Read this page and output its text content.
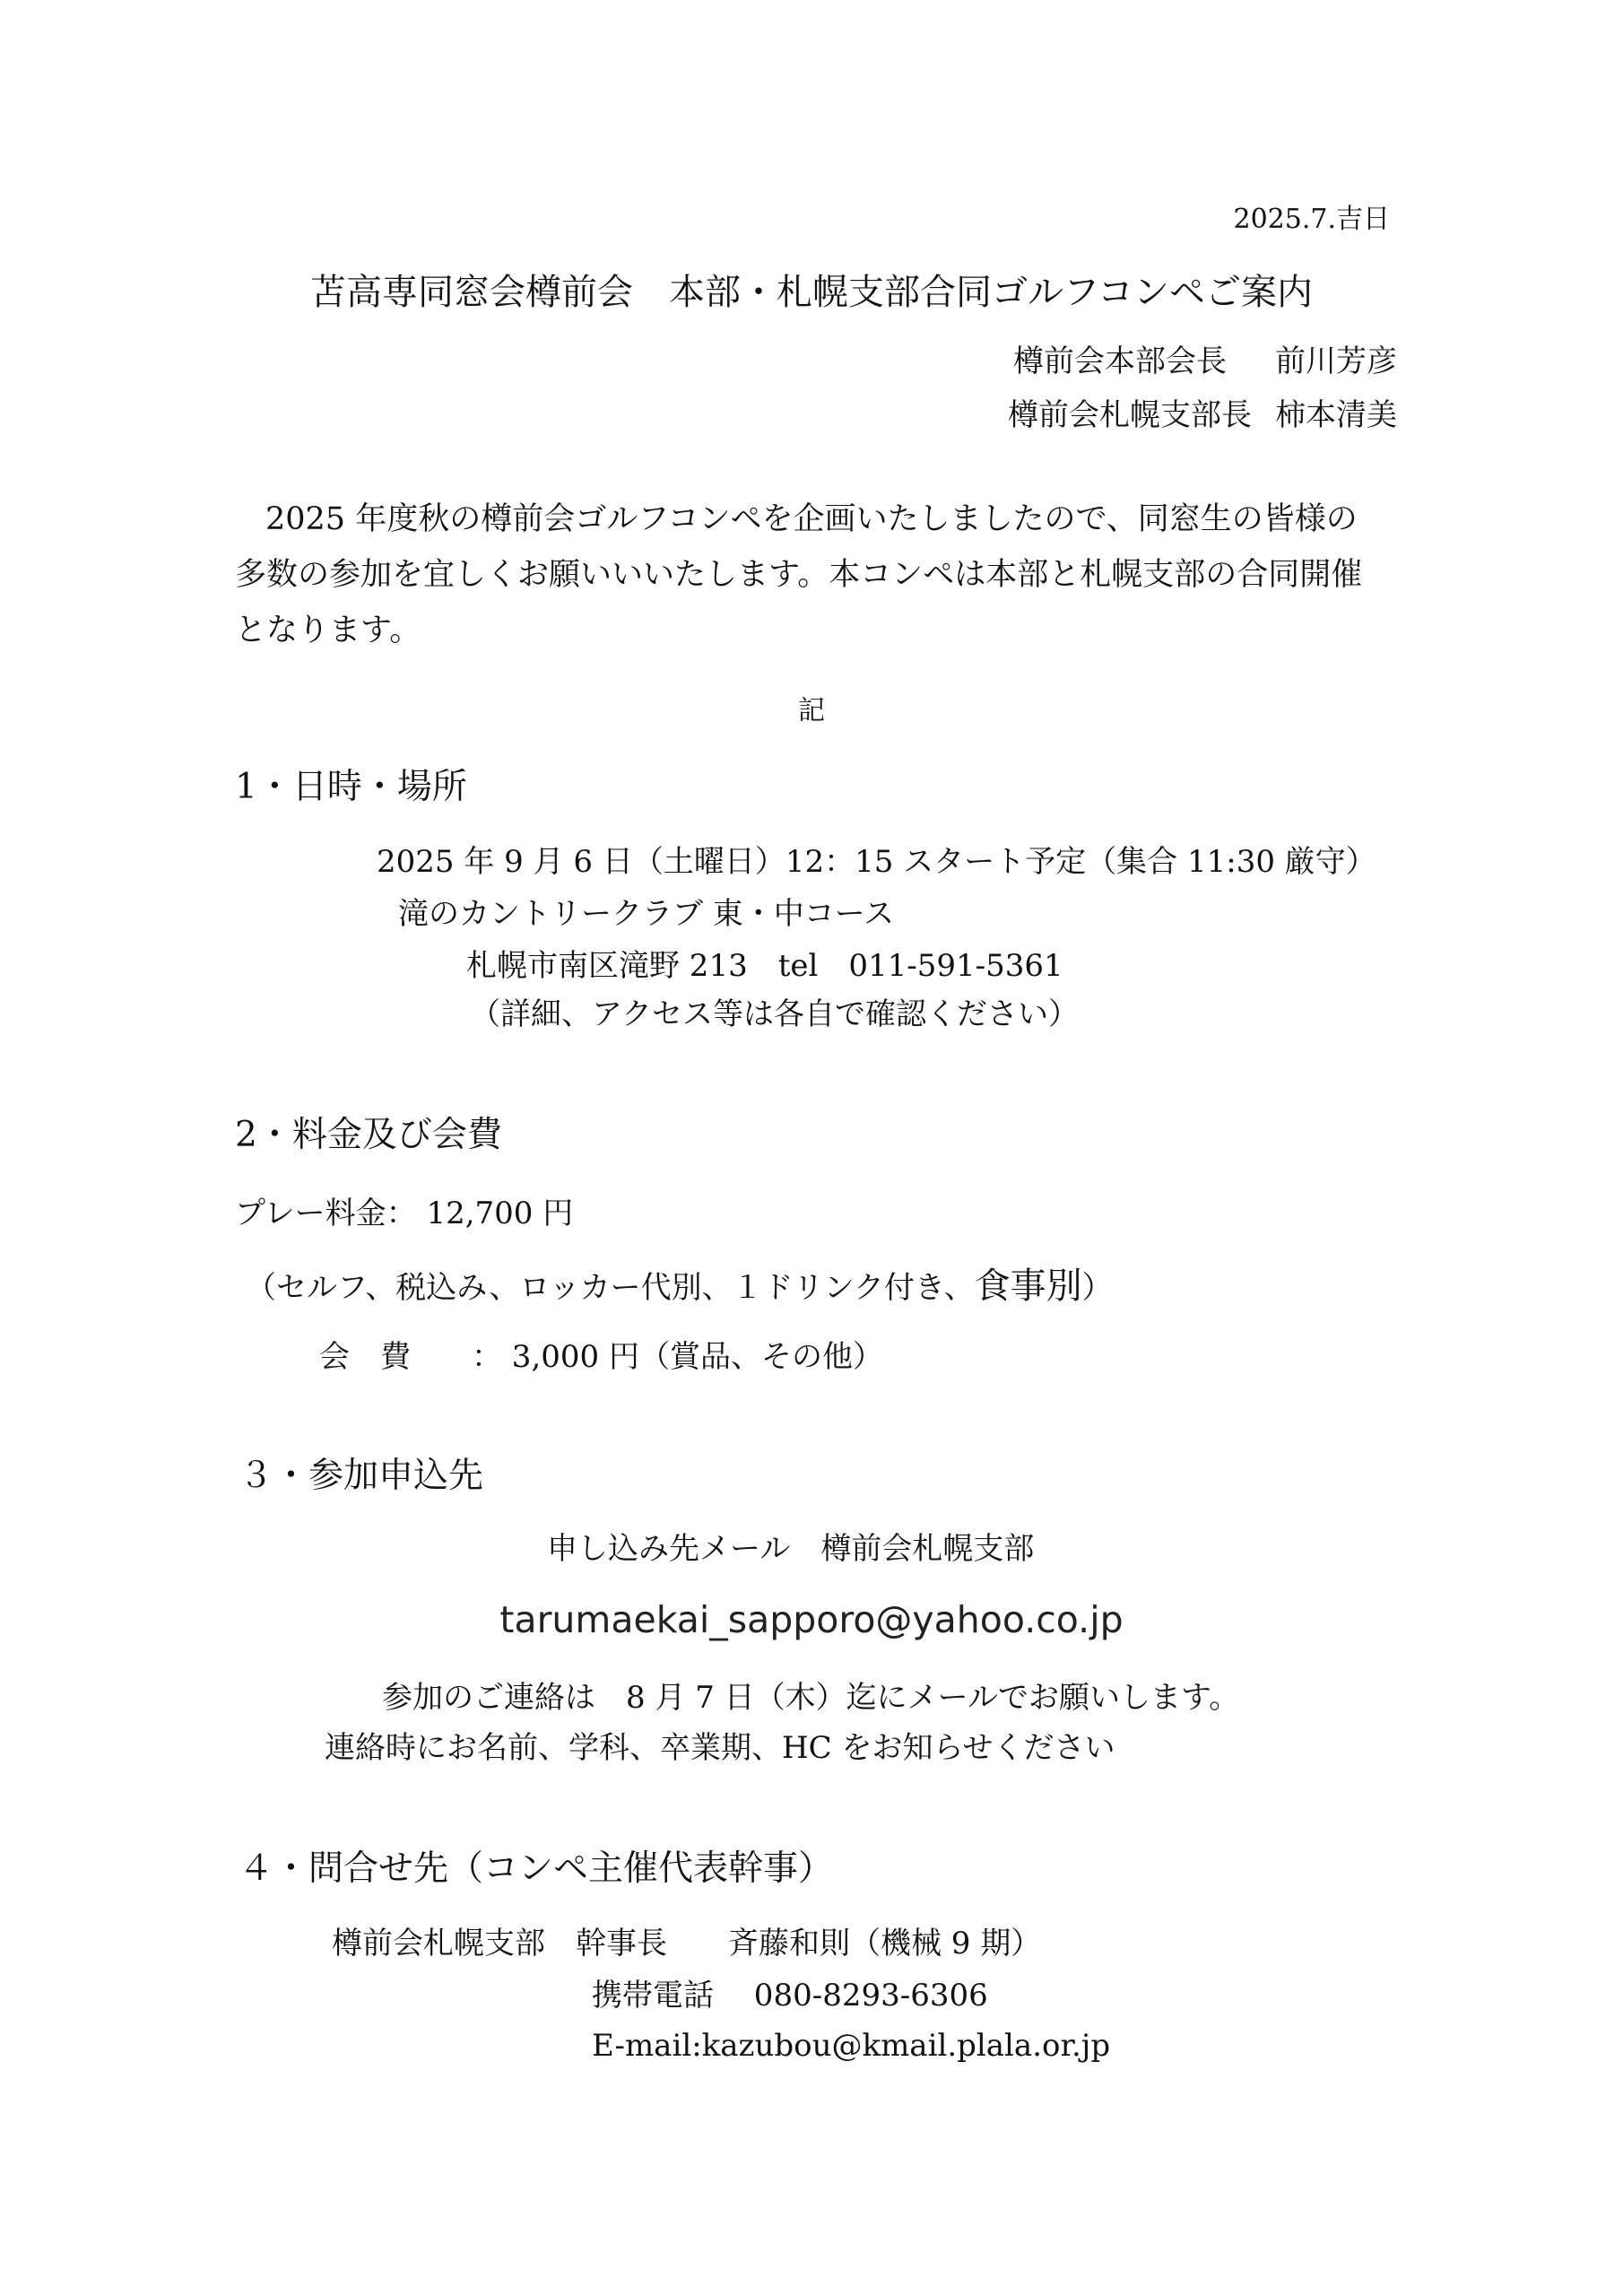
2025.7.吉日
苫高専同窓会樽前会　本部・札幌支部合同ゴルフコンペご案内
樽前会本部会長 前川芳彦
樽前会札幌支部長 柿本清美

2025 年度秋の樽前会ゴルフコンペを企画いたしましたので、同窓生の皆様の

多数の参加を宜しくお願いいいたします。本コンペは本部と札幌支部の合同開催

となります。

記
1・日時・場所
2025 年 9 月 6 日（土曜日）12：15 スタート予定（集合 11:30 厳守）
滝のカントリークラブ 東・中コース
札幌市南区滝野 213　tel　011-591-5361
（詳細、アクセス等は各自で確認ください）
2・料金及び会費
プレー料金： 12,700 円
（セルフ、税込み、ロッカー代別、１ドリンク付き、食事別）
会　費　　： 3,000 円（賞品、その他）
３・参加申込先
申し込み先メール　樽前会札幌支部
tarumaekai_sapporo@yahoo.co.jp
参加のご連絡は　8 月 7 日（木）迄にメールでお願いします。
連絡時にお名前、学科、卒業期、HC をお知らせください
４・問合せ先（コンペ主催代表幹事）
樽前会札幌支部　幹事長　　斉藤和則（機械 9 期）
携帯電話　 080-8293-6306
E-mail:kazubou@kmail.plala.or.jp
